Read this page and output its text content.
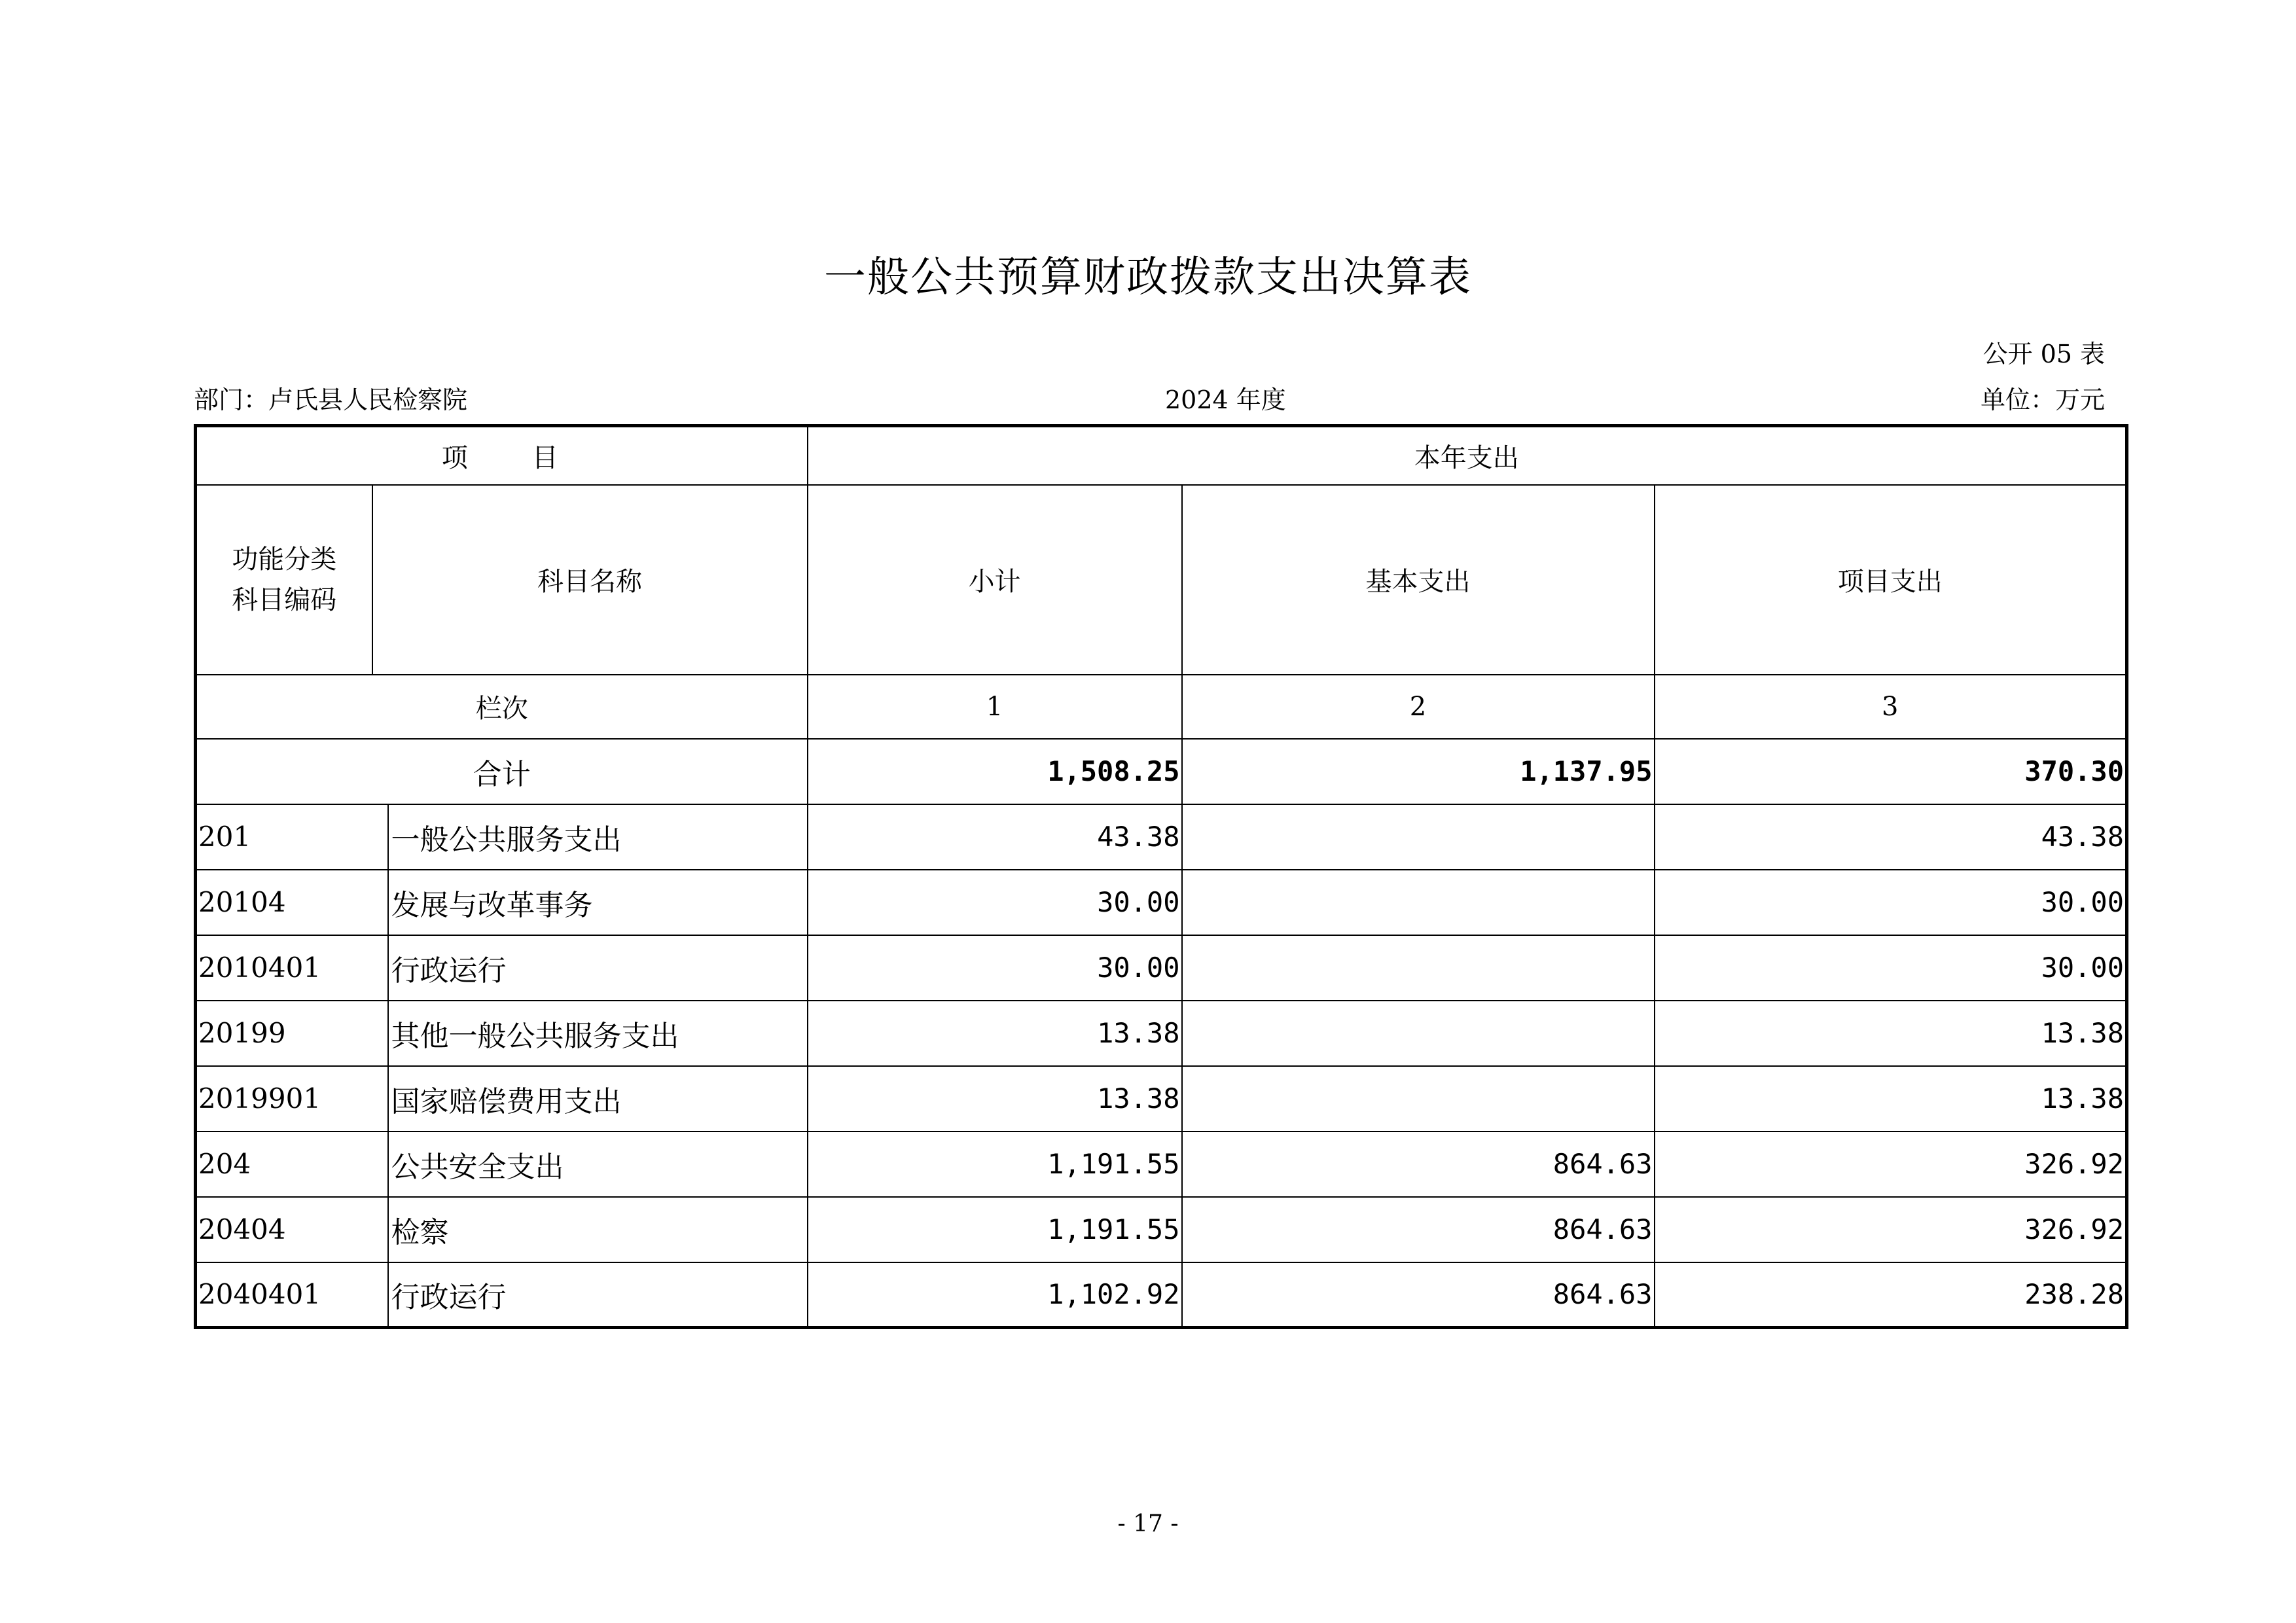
一般公共预算财政拨款支出决算表
公开 05 表
部门：卢氏县人民检察院	2024 年度	单位：万元
项　　目			本年支出		

功能分类
科目编码	科目名称		小计	基本支出	项目支出
栏次			1	2	3
合计			1,508.25	1,137.95	370.30
201		一般公共服务支出	43.38		43.38
20104		发展与改革事务	30.00		30.00
2010401		行政运行	30.00		30.00
20199		其他一般公共服务支出	13.38		13.38
2019901		国家赔偿费用支出	13.38		13.38
204		公共安全支出	1,191.55	864.63	326.92
20404		检察	1,191.55	864.63	326.92
2040401		行政运行	1,102.92	864.63	238.28
- 17 -
